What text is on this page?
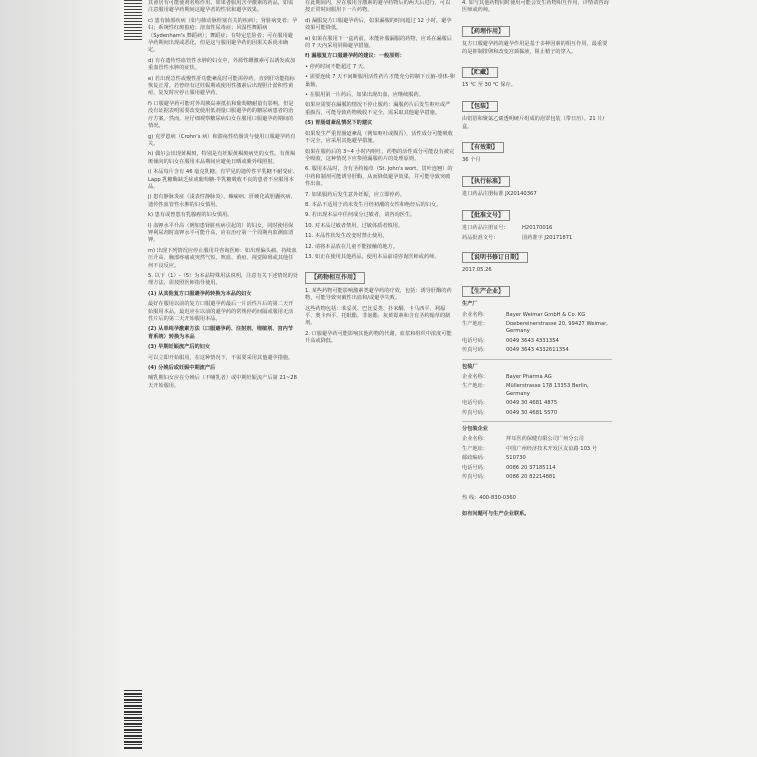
其會居有可能使剂名称作用。如果者服用含孕激素的药品，如需注意服用避孕药期间这避孕者的性状和避孕效果。

c) 患有肺部疾病（如与肺动脉栓塞有关的疾病）；肾脏病变者；孕妇；系统性红斑狼疮；溶血性尿毒症；风湿性舞蹈病（Sydenham's 舞蹈病）；舞蹈症；有特定危险者；可在服用避孕药期间出现或恶化，但是这与服用避孕药的因果关系尚未确定。

d) 有在遗传性血管性水肿的妇女中，外源性雌激素可以诱发或加重血管性水肿的症状。

e) 若出现急性或慢性肝功能紊乱时可能需停药，直到肝功能指标恢复正常。若曾经有过妊娠期或使用性激素后出现胆汁淤积性黄疸，复发时应停止服用避孕药。

f) 口服避孕药可能对外周胰岛素抵抗和葡萄糖耐量有影响，但是没有证据表明需要改变使用低剂量口服避孕药的糖尿病患者的治疗方案。然而，应仔细观察糖尿病妇女在服用口服避孕药期间的情况。

g) 克罗恩病（Crohn's 病）和溃疡性结肠炎与使用口服避孕药有关。

h) 偶尔会出现黄褐斑，特别是有妊娠黄褐斑病史的女性。有黄褐斑倾向的妇女在服用本品期间应避免日晒或紫外线照射。

i) 本品每片含有 46 毫克乳糖。有罕见的遗传性半乳糖不耐受症、Lapp 乳糖酶缺乏症或葡萄糖-半乳糖吸收不良的患者不应服用本品。

j) 患有静脉炎症（浅表性静脉炎）、癫痫病、肝硬化或胆囊疾病、遗传性血管性水肿的妇女慎用。

k) 患有或曾患有乳腺癌的妇女慎用。

l) 血钾水平升高（例如患肾脏疾病引起的）的妇女，同时使用保钾利尿剂时血钾水平可能升高，应在治疗第一个周期内监测血清钾。

m) 出现下列情况应停止服用并咨询医师：如出现偏头痛、持续血压升高、胸部疼痛或突然气短、咳血、黄疸、视觉障碍或其他任何不良反应。

5. 以下（1）-（5）为本品特殊用法说明，注意有关下述情况的处理方法，需按照医师指导使用。

(1) 从其他复方口服避孕药转换为本品的妇女

最好在服用以前的复方口服避孕药最后一片活性片后的第二天开始服用本品，最迟应在以前的避孕药的常规停药间隔或服用无活性片后的第二天开始服用本品。

(2) 从单纯孕激素方法（口服避孕药、注射剂、埋植剂、宫内节育系统）转换为本品

(3) 早期妊娠流产后的妇女

可以立即开始服用，在这种情况下，不需要采用其他避孕措施。

(4) 分娩后或妊娠中期流产后

哺乳期妇女应在分娩后（不哺乳者）或中期妊娠流产后第 21~28 天开始服用。

在此期间内，应在服用含激素的避孕药物后的两天后进行，可以按正常时间服用下一片药物。

d) 漏服复方口服避孕药后，如果漏服的时间超过 12 小时，避孕效果可能降低。

e) 如果在服用下一盒药前，未能补服漏服的药物，应该在漏服后的 7 天内采用屏障避孕措施。

f) 漏服复方口服避孕药的建议：一般原则：

• 停药时间不能超过 7 天。

• 需要连续 7 天不间断服用活性药片才能充分抑制下丘脑-垂体-卵巢轴。

• 在服用第一片药后，如果出现出血，应继续服药。

如果应需要在漏服的情况下停止服药：漏服药片后发生呕吐或严重腹泻，可能导致药物吸收不完全，需采取其他避孕措施。

(5) 胃肠道紊乱情况下的建议

如果发生严重胃肠道紊乱（例如呕吐或腹泻），活性成分可能吸收不完全，应采用其他避孕措施。

如果在服药后的 3~4 小时内呕吐，药物的活性成分可能没有被完全吸收，这种情况下应参照漏服药片的处理原则。

6. 服用本品时，含有圣约翰草（St. John's wort，贯叶连翘）的中药和制剂可能诱导肝酶，从而降低避孕效果，并可能导致突破性出血。

7. 如果服药后发生意外妊娠，应立即停药。

8. 本品不适用于尚未发生月经初潮的女性和绝经后的妇女。

9. 若出现本品中任何成分过敏者，请咨询医生。

10. 对本品过敏者禁用，过敏体质者慎用。

11. 本品性状发生改变时禁止使用。

12. 请将本品放在儿童不能接触的地方。

13. 如正在使用其他药品，使用本品前请咨询医师或药师。

【药物相互作用】

1. 某些药物可能影响激素类避孕药的疗效，包括：诱导肝酶的药物，可能导致突破性出血和/或避孕失败。

这些药物包括：苯妥英、巴比妥类、扑米酮、卡马西平、利福平、奥卡西平、托吡酯、非氨酯、灰黄霉素和含有圣约翰草的制剂。

2. 口服避孕药可能影响其他药物的代谢，血浆和组织中浓度可能升高或降低。

4. 如与其他药物同时使用可能会发生药物相互作用，详情请咨询医师或药师。

【药理作用】

复方口服避孕药的避孕作用是基于多种因素的相互作用，最重要的是抑制排卵和改变宫颈黏液，阻止精子的穿入。

【贮藏】

15 ℃ 至 30 ℃ 保存。

【包装】

由铝箔和聚氯乙烯透明硬片组成的泡罩包装（带日历）。21 片/盒。

【有效期】

36 个月

【执行标准】

进口药品注册标准 JX20140367

【批准文号】
进口药品注册证号：	H20170016
药品批准文号：	国药准字 J20171871
【说明书修订日期】

2017.05.26

【生产企业】

生产厂

企业名称：	Bayer Weimar GmbH & Co. KG
生产地址：	Doebereinerstrasse 20, 99427 Weimar, Germany
电话号码：	0049 3643 4331354
传真号码：	0049 3643 4332611354

包装厂

企业名称：	Bayer Pharma AG
生产地址：	Müllerstrasse 178 13353 Berlin, Germany
电话号码：	0049 30 4681 4875
传真号码：	0049 30 4681 5570

分包装企业

企业名称：	拜耳医药保健有限公司广州分公司
生产地址：	中国广州经济技术开发区友谊路 103 号
邮政编码：	510730
电话号码：	0086 20 37185114
传真号码：	0086 20 82214881

热 线：400-830-0360

如有问题可与生产企业联系。
